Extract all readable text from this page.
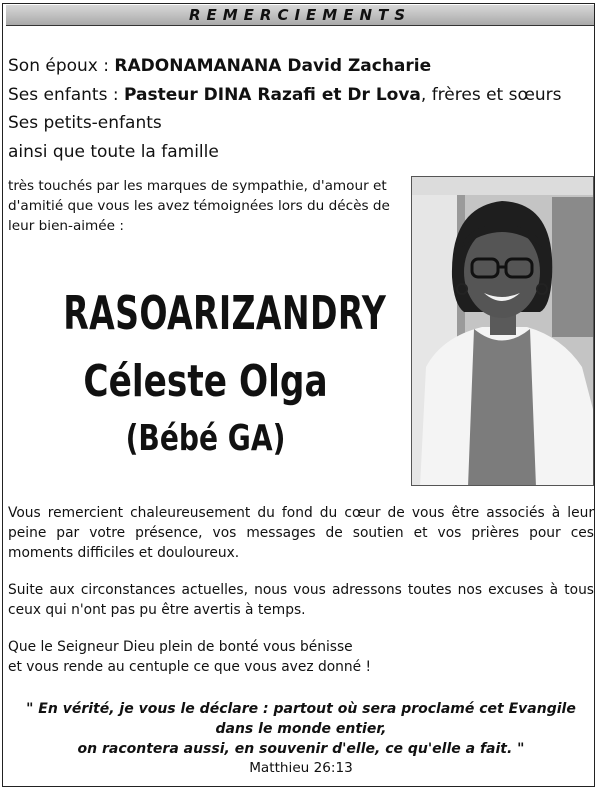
REMERCIEMENTS
Son époux : RADONAMANANA David Zacharie
Ses enfants : Pasteur DINA Razafi et Dr Lova, frères et sœurs
Ses petits-enfants
ainsi que toute la famille
très touchés par les marques de sympathie, d'amour et d'amitié que vous les avez témoignées lors du décès de leur bien-aimée :
RASOARIZANDRY
Céleste Olga
(Bébé GA)
Vous remercient chaleureusement du fond du cœur de vous être associés à leur peine par votre présence, vos messages de soutien et vos prières pour ces moments difficiles et douloureux.
Suite aux circonstances actuelles, nous vous adressons toutes nos excuses à tous ceux qui n'ont pas pu être avertis à temps.
Que le Seigneur Dieu plein de bonté vous bénisse
et vous rende au centuple ce que vous avez donné !
" En vérité, je vous le déclare : partout où sera proclamé cet Evangile
dans le monde entier,
on racontera aussi, en souvenir d'elle, ce qu'elle a fait. "
Matthieu 26:13
